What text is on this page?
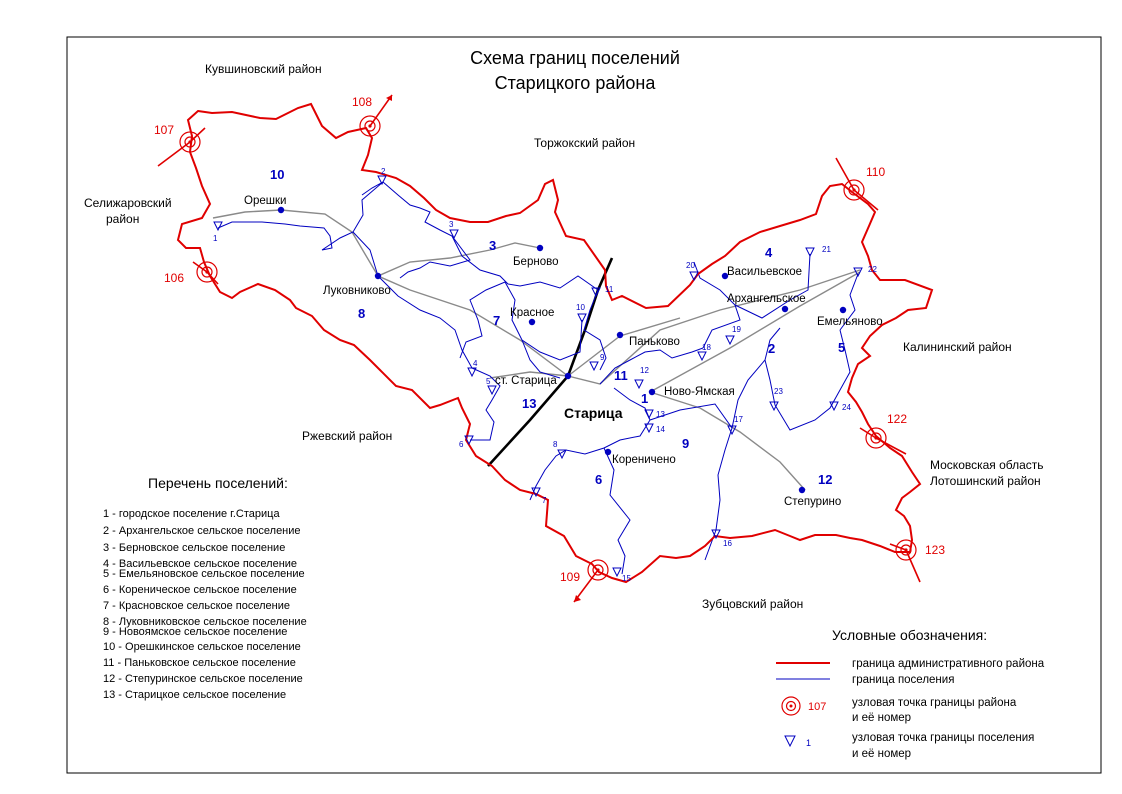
Схема границ поселений
Старицкого района
107
108
110
106
122
123
109
1
2
3
4
5
6
7
8
9
10
11
12
13
14
15
16
17
18
19
20
21
22
23
24
10
3
8	7
4
2	5
11
1
13
9
6	12
Орешки
Луковниково
Берново
Красное
Паньково
ст. Старица
Старица
Ново-Ямская
Кореничено
Васильевское
Архангельское
Емельяново
Степурино
Кувшиновский район
Торжокский район
Селижаровский
район
Калининский район
Ржевский район
Московская область
Лотошинский район
Зубцовский район
Перечень поселений:
1 - городское поселение г.Старица
2 - Архангельское сельское поселение
3 - Берновское сельское поселение
4 - Васильевское сельское поселение
5 - Емельяновское сельское поселение
6 - Кореническое сельское поселение
7 - Красновское сельское поселение
8 - Луковниковское сельское поселение
9 - Новоямское сельское поселение
10 - Орешкинское сельское поселение
11 - Паньковское сельское поселение
12 - Степуринское сельское поселение
13 - Старицкое сельское поселение
Условные обозначения:
граница административного района
граница поселения
107 узловая точка границы района
и её номер
1	узловая точка границы поселения
и её номер
